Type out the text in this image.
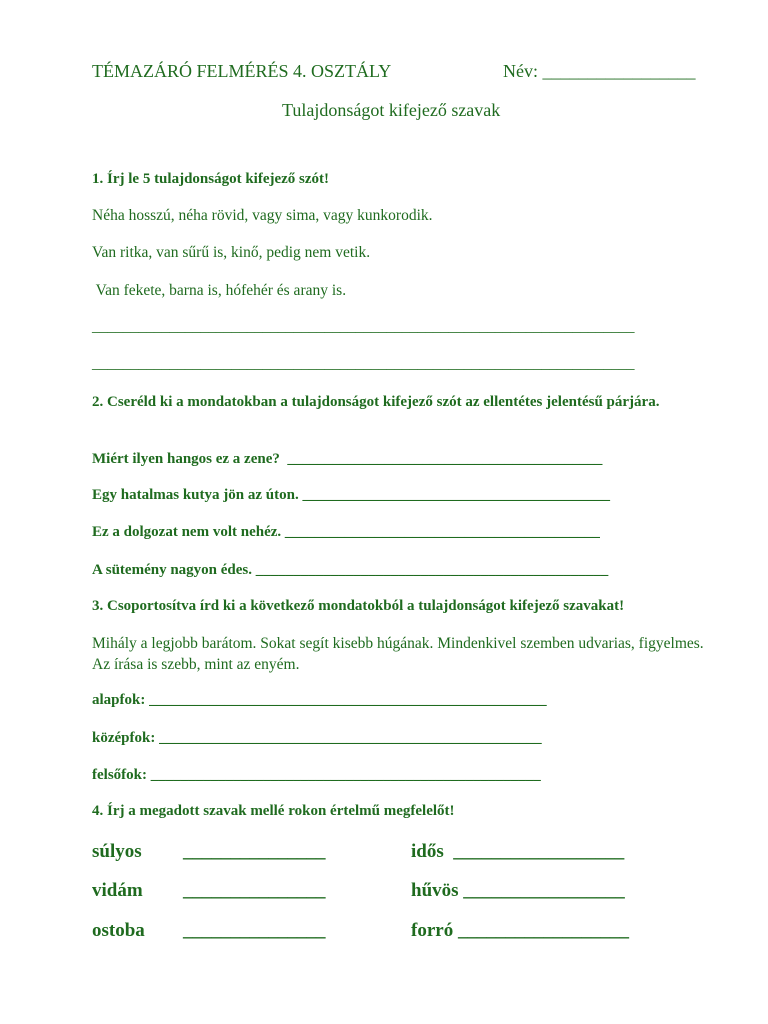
TÉMAZÁRÓ FELMÉRÉS 4. OSZTÁLY	Név: _________________
Tulajdonságot kifejező szavak
1. Írj le 5 tulajdonságot kifejező szót!
Néha hosszú, néha rövid, vagy sima, vagy kunkorodik.
Van ritka, van sűrű is, kinő, pedig nem vetik.
Van fekete, barna is, hófehér és arany is.
______________________________________________________________________
______________________________________________________________________
2. Cseréld ki a mondatokban a tulajdonságot kifejező szót az ellentétes jelentésű párjára.
Miért ilyen hangos ez a zene?  __________________________________________
Egy hatalmas kutya jön az úton. _________________________________________
Ez a dolgozat nem volt nehéz. __________________________________________
A sütemény nagyon édes. _______________________________________________
3. Csoportosítva írd ki a következő mondatokból a tulajdonságot kifejező szavakat!
Mihály a legjobb barátom. Sokat segít kisebb húgának. Mindenkivel szemben udvarias, figyelmes. Az írása is szebb, mint az enyém.
alapfok: _____________________________________________________
középfok: ___________________________________________________
felsőfok: ____________________________________________________
4. Írj a megadott szavak mellé rokon értelmű megfelelőt!
súlyos _______________	idős  __________________
vidám _______________	hűvös _________________
ostoba _______________	forró __________________
